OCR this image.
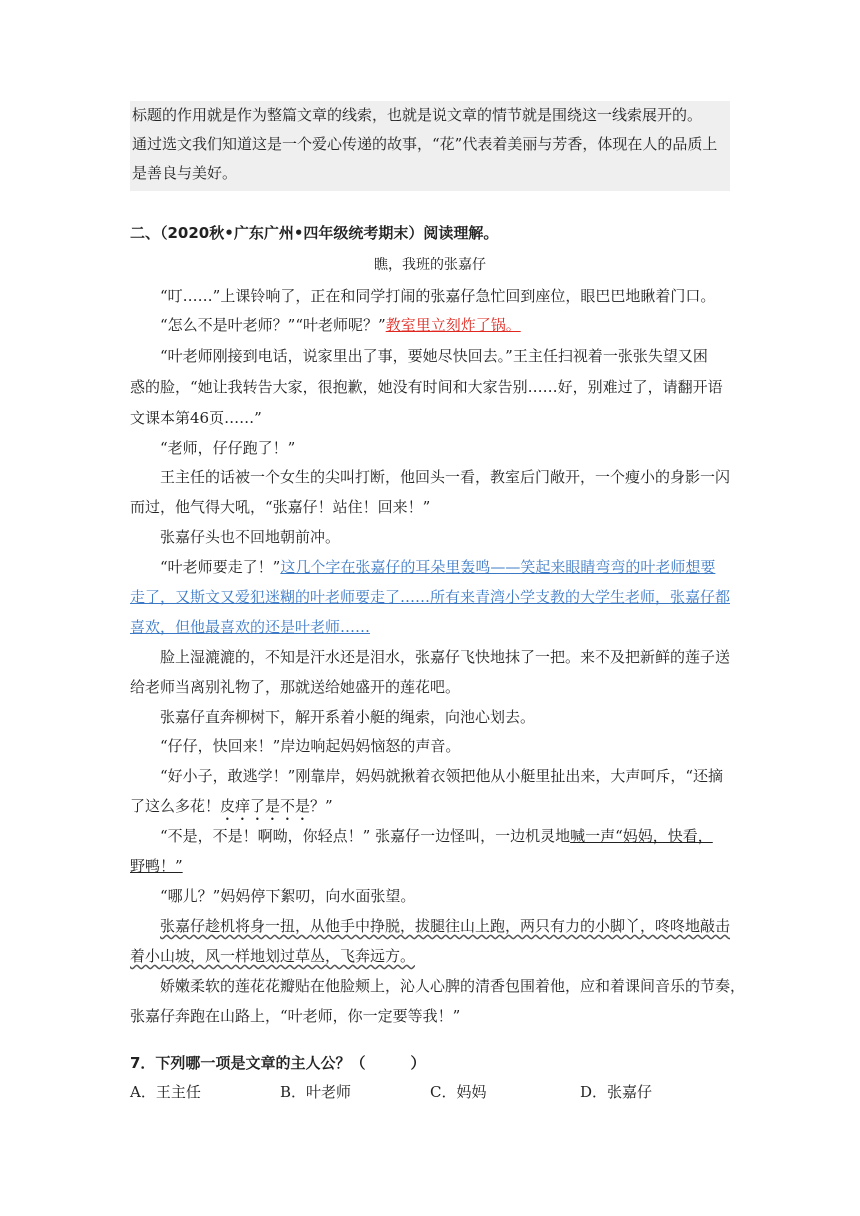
标题的作用就是作为整篇文章的线索，也就是说文章的情节就是围绕这一线索展开的。

通过选文我们知道这是一个爱心传递的故事，“花”代表着美丽与芳香，体现在人的品质上

是善良与美好。

二、（2020秋•广东广州•四年级统考期末）阅读理解。
瞧，我班的张嘉仔
“叮……”上课铃响了，正在和同学打闹的张嘉仔急忙回到座位，眼巴巴地瞅着门口。
“怎么不是叶老师？”“叶老师呢？”教室里立刻炸了锅。
“叶老师刚接到电话，说家里出了事，要她尽快回去。”王主任扫视着一张张失望又困
惑的脸，“她让我转告大家，很抱歉，她没有时间和大家告别……好，别难过了，请翻开语
文课本第46页……”
“老师，仔仔跑了！”
王主任的话被一个女生的尖叫打断，他回头一看，教室后门敞开，一个瘦小的身影一闪
而过，他气得大吼，“张嘉仔！站住！回来！”
张嘉仔头也不回地朝前冲。
“叶老师要走了！”这几个字在张嘉仔的耳朵里轰鸣——笑起来眼睛弯弯的叶老师想要
走了，又斯文又爱犯迷糊的叶老师要走了……所有来青湾小学支教的大学生老师，张嘉仔都
喜欢，但他最喜欢的还是叶老师……
脸上湿漉漉的，不知是汗水还是泪水，张嘉仔飞快地抹了一把。来不及把新鲜的莲子送
给老师当离别礼物了，那就送给她盛开的莲花吧。
张嘉仔直奔柳树下，解开系着小艇的绳索，向池心划去。
“仔仔，快回来！”岸边响起妈妈恼怒的声音。
“好小子，敢逃学！”刚靠岸，妈妈就揪着衣领把他从小艇里扯出来，大声呵斥，“还摘
了这么多花！皮痒了是不是？”
“不是，不是！啊呦，你轻点！” 张嘉仔一边怪叫，一边机灵地喊一声“妈妈，快看，
野鸭！”
“哪儿？”妈妈停下絮叨，向水面张望。
张嘉仔趁机将身一扭，从他手中挣脱，拔腿往山上跑，两只有力的小脚丫，咚咚地敲击
着小山坡，风一样地划过草丛，飞奔远方。
娇嫩柔软的莲花花瓣贴在他脸颊上，沁人心脾的清香包围着他，应和着课间音乐的节奏，
张嘉仔奔跑在山路上，“叶老师，你一定要等我！”
7．下列哪一项是文章的主人公？（　　　）
A．王主任	B．叶老师	C．妈妈	D．张嘉仔
